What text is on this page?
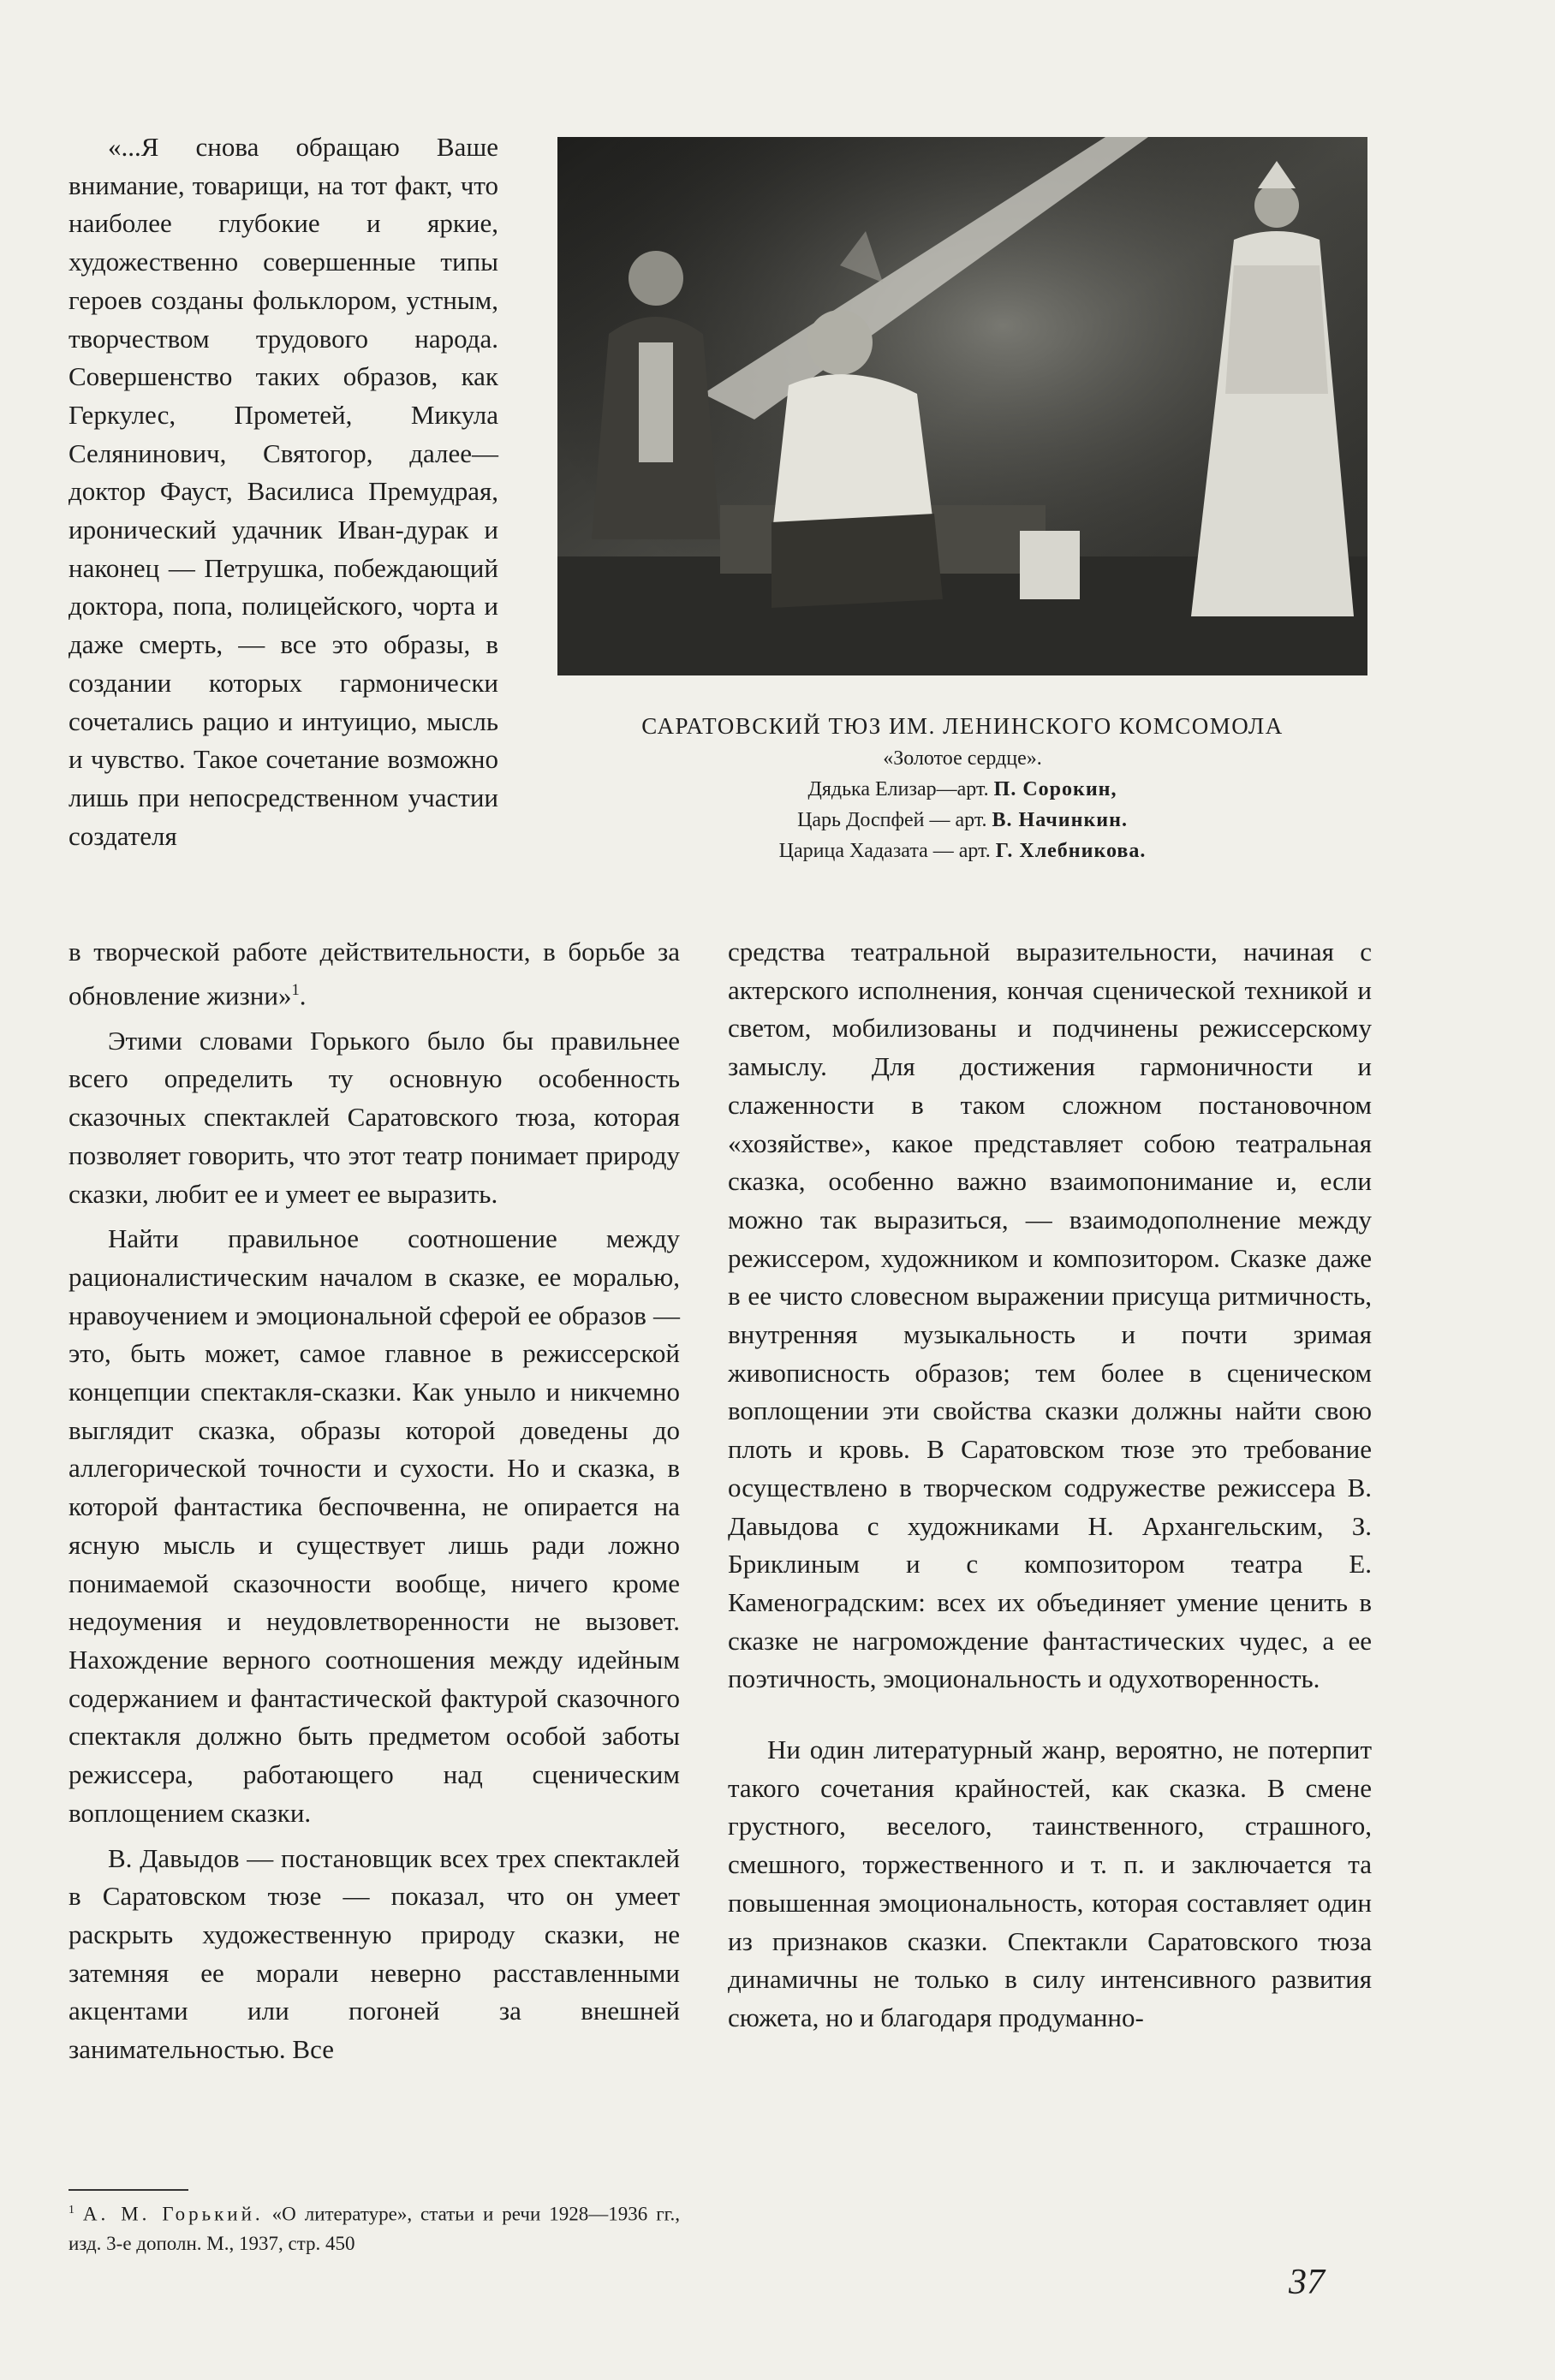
«...Я снова обращаю Ваше внимание, товарищи, на тот факт, что наиболее глубокие и яркие, художественно совершенные типы героев созданы фольклором, устным, творчеством трудового народа. Совершенство таких образов, как Геркулес, Прометей, Микула Селянинович, Святогор, далее—доктор Фауст, Василиса Премудрая, иронический удачник Иван-дурак и наконец — Петрушка, побеждающий доктора, попа, полицейского, чорта и даже смерть, — все это образы, в создании которых гармонически сочетались рацио и интуицио, мысль и чувство. Такое сочетание возможно лишь при непосредственном участии создателя

САРАТОВСКИЙ ТЮЗ ИМ. ЛЕНИНСКОГО КОМСОМОЛА
«Золотое сердце».
Дядька Елизар—арт. П. Сорокин,
Царь Доспфей — арт. В. Начинкин.
Царица Хадазата — арт. Г. Хлебникова.

в творческой работе действительности, в борьбе за обновление жизни»$^1$.

Этими словами Горького было бы правильнее всего определить ту основную особенность сказочных спектаклей Саратовского тюза, которая позволяет говорить, что этот театр понимает природу сказки, любит ее и умеет ее выразить.

Найти правильное соотношение между рационалистическим началом в сказке, ее моралью, нравоучением и эмоциональной сферой ее образов — это, быть может, самое главное в режиссерской концепции спектакля-сказки. Как уныло и никчемно выглядит сказка, образы которой доведены до аллегорической точности и сухости. Но и сказка, в которой фантастика беспочвенна, не опирается на ясную мысль и существует лишь ради ложно понимаемой сказочности вообще, ничего кроме недоумения и неудовлетворенности не вызовет. Нахождение верного соотношения между идейным содержанием и фантастической фактурой сказочного спектакля должно быть предметом особой заботы режиссера, работающего над сценическим воплощением сказки.

В. Давыдов — постановщик всех трех спектаклей в Саратовском тюзе — показал, что он умеет раскрыть художественную природу сказки, не затемняя ее морали неверно расставленными акцентами или погоней за внешней занимательностью. Все

средства театральной выразительности, начиная с актерского исполнения, кончая сценической техникой и светом, мобилизованы и подчинены режиссерскому замыслу. Для достижения гармоничности и слаженности в таком сложном постановочном «хозяйстве», какое представляет собою театральная сказка, особенно важно взаимопонимание и, если можно так выразиться, — взаимодополнение между режиссером, художником и композитором. Сказке даже в ее чисто словесном выражении присуща ритмичность, внутренняя музыкальность и почти зримая живописность образов; тем более в сценическом воплощении эти свойства сказки должны найти свою плоть и кровь. В Саратовском тюзе это требование осуществлено в творческом содружестве режиссера В. Давыдова с художниками Н. Архангельским, З. Бриклиным и с композитором театра Е. Каменоградским: всех их объединяет умение ценить в сказке не нагромождение фантастических чудес, а ее поэтичность, эмоциональность и одухотворенность.

Ни один литературный жанр, вероятно, не потерпит такого сочетания крайностей, как сказка. В смене грустного, веселого, таинственного, страшного, смешного, торжественного и т. п. и заключается та повышенная эмоциональность, которая составляет один из признаков сказки. Спектакли Саратовского тюза динамичны не только в силу интенсивного развития сюжета, но и благодаря продуманно-

$^1$ А. М. Горький. «О литературе», статьи и речи 1928—1936 гг., изд. 3-е дополн. М., 1937, стр. 450
37
